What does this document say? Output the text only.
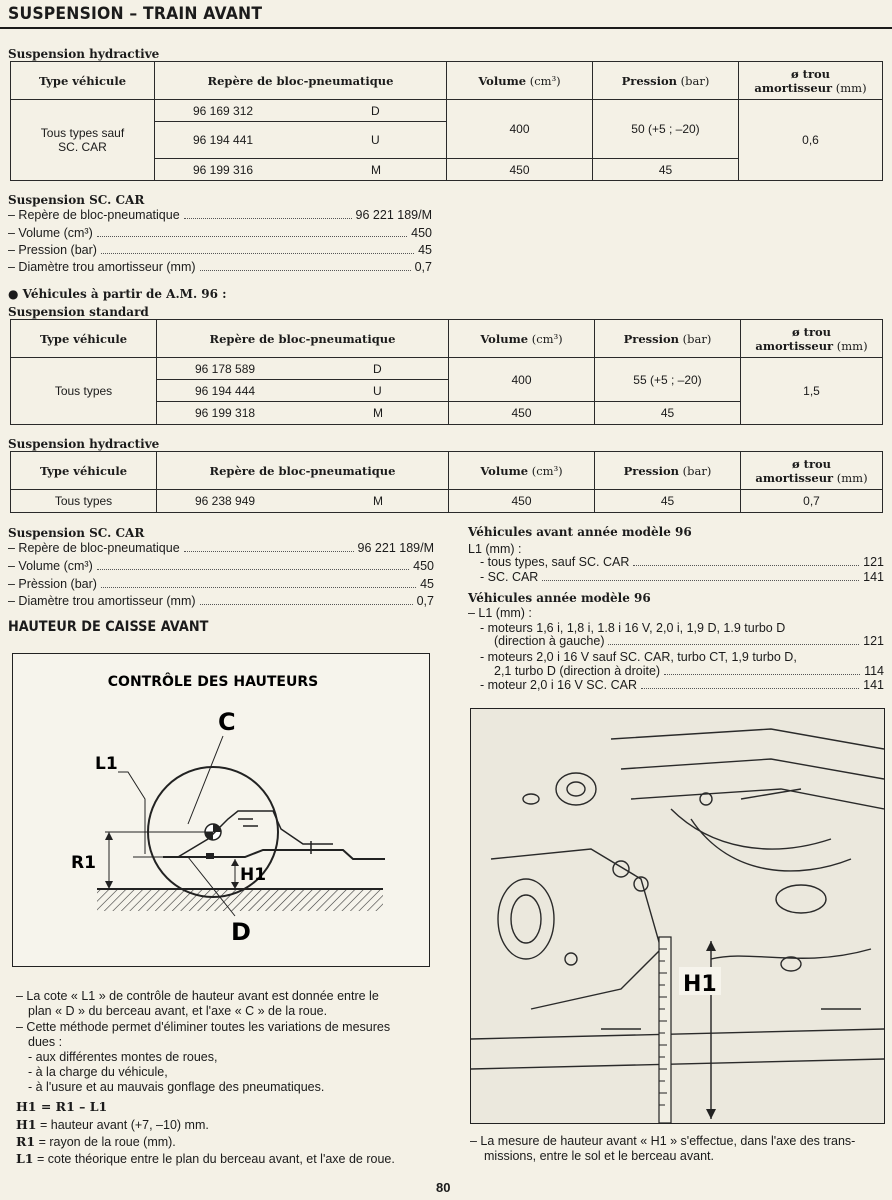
SUSPENSION – TRAIN AVANT
Suspension hydractive
Type véhicule	Repère de bloc-pneumatique	Volume (cm³)	Pression (bar)	ø trou
amortisseur (mm)
Tous types sauf SC. CAR	96 169 312 D	400	50 (+5 ; –20)	0,6
	96 194 441 U			
	96 199 316 M	450	45	
Suspension SC. CAR
– Repère de bloc-pneumatique	96 221 189/M
– Volume (cm³)	450
– Pression (bar)	45
– Diamètre trou amortisseur (mm)	0,7
● Véhicules à partir de A.M. 96 :
Suspension standard
Type véhicule	Repère de bloc-pneumatique	Volume (cm³)	Pression (bar)	ø trou
amortisseur (mm)
Tous types	96 178 589 D	400	55 (+5 ; –20)	1,5
	96 194 444 U			
	96 199 318 M	450	45	
Suspension hydractive
Type véhicule	Repère de bloc-pneumatique	Volume (cm³)	Pression (bar)	ø trou
amortisseur (mm)
Tous types	96 238 949 M	450	45	0,7
Suspension SC. CAR
– Repère de bloc-pneumatique	96 221 189/M
– Volume (cm³)	450
– Prèssion (bar)	45
– Diamètre trou amortisseur (mm)	0,7
Véhicules avant année modèle 96
L1 (mm) :
- tous types, sauf SC. CAR	121
- SC. CAR	141
Véhicules année modèle 96
– L1 (mm) :
- moteurs 1,6 i, 1,8 i, 1.8 i 16 V, 2,0 i, 1,9 D, 1.9 turbo D
(direction à gauche)	121
- moteurs 2,0 i 16 V sauf SC. CAR, turbo CT, 1,9 turbo D,
2,1 turbo D (direction à droite)	114
- moteur 2,0 i 16 V SC. CAR	141
HAUTEUR DE CAISSE AVANT
CONTRÔLE DES HAUTEURS
L1
R1
H1
C
D
H1
– La cote « L1 » de contrôle de hauteur avant est donnée entre le
plan « D » du berceau avant, et l'axe « C » de la roue.
– Cette méthode permet d'éliminer toutes les variations de mesures
dues :
- aux différentes montes de roues,
- à la charge du véhicule,
- à l'usure et au mauvais gonflage des pneumatiques.
H1 = R1 – L1
H1 = hauteur avant (+7, –10) mm.
R1 = rayon de la roue (mm).
L1 = cote théorique entre le plan du berceau avant, et l'axe de roue.
– La mesure de hauteur avant « H1 » s'effectue, dans l'axe des trans-
missions, entre le sol et le berceau avant.
80
